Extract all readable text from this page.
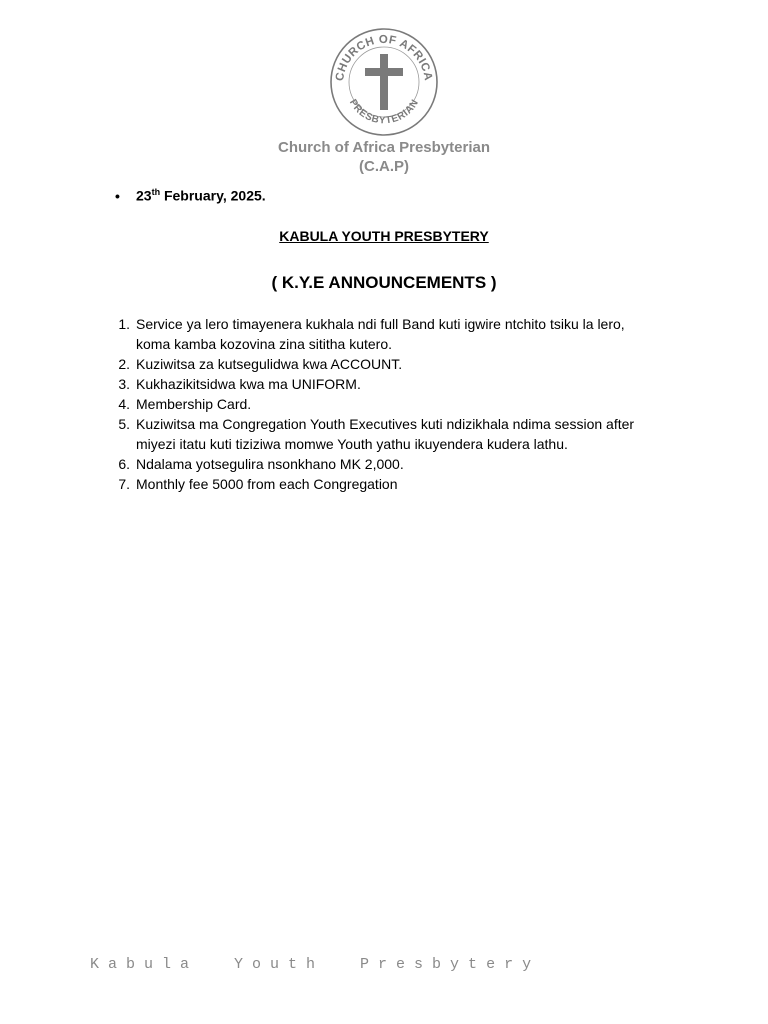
CHURCH OF AFRICA
PRESBYTERIAN
Church of Africa Presbyterian
(C.A.P)
• 23th February, 2025.
KABULA YOUTH PRESBYTERY
( K.Y.E ANNOUNCEMENTS )
1. Service ya lero timayenera kukhala ndi full Band kuti igwire ntchito tsiku la lero, koma kamba kozovina zina sititha kutero.
2. Kuziwitsa za kutsegulidwa kwa ACCOUNT.
3. Kukhazikitsidwa kwa ma UNIFORM.
4. Membership Card.
5. Kuziwitsa ma Congregation Youth Executives kuti ndizikhala ndima session after miyezi itatu kuti tiziziwa momwe Youth yathu ikuyendera kudera lathu.
6. Ndalama yotsegulira nsonkhano MK 2,000.
7. Monthly fee 5000 from each Congregation
K a b u l a     Y o u t h     P r e s b y t e r y
